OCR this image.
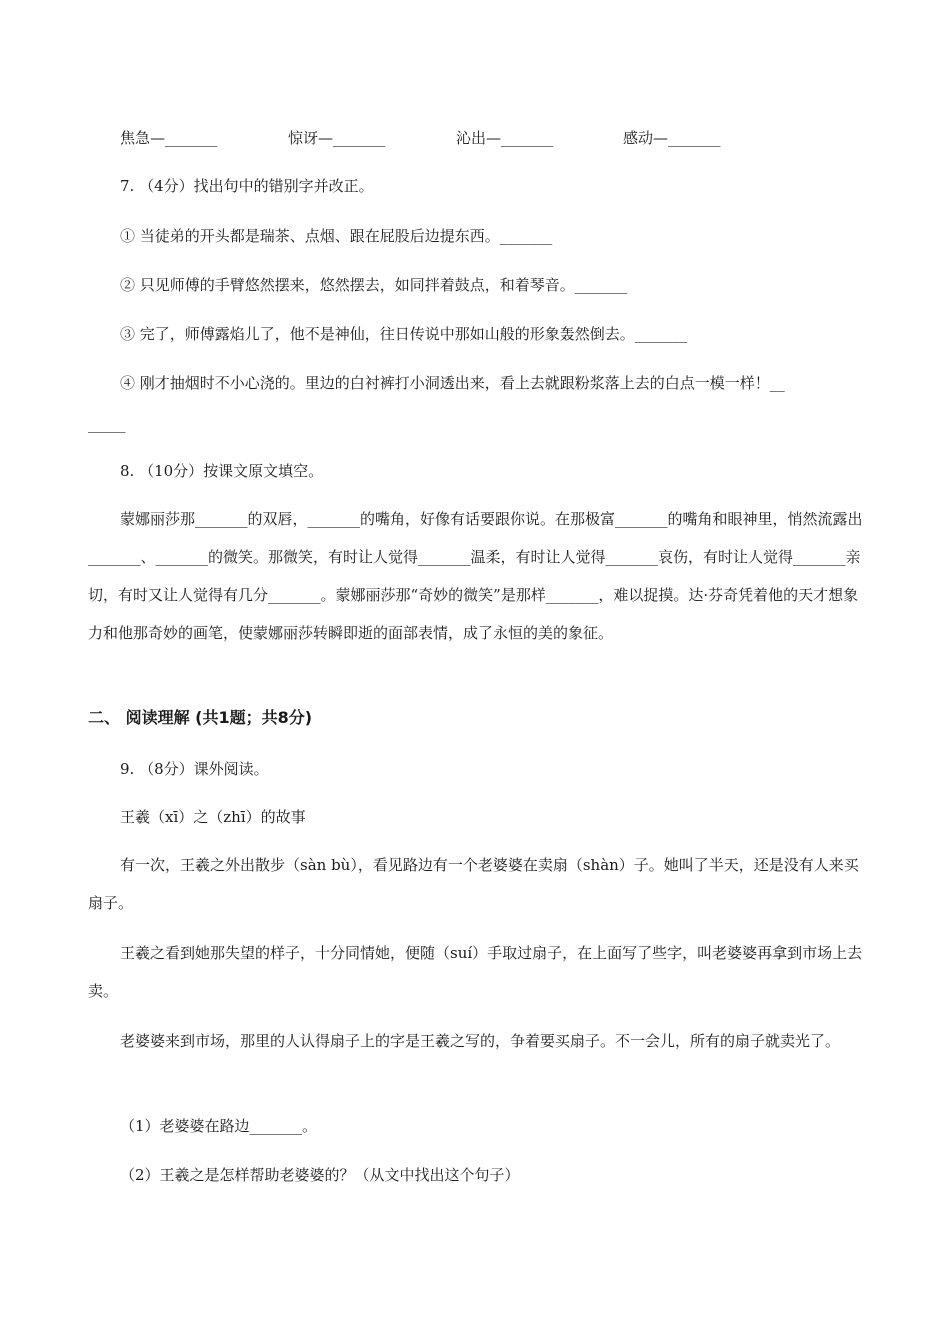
焦急—_______	惊讶—_______	沁出—_______	感动—_______
7. （4分）找出句中的错别字并改正。
① 当徒弟的开头都是瑞茶、点烟、跟在屁股后边提东西。_______
② 只见师傅的手臂悠然摆来，悠然摆去，如同拌着鼓点，和着琴音。_______
③ 完了，师傅露焰儿了，他不是神仙，往日传说中那如山般的形象轰然倒去。_______
④ 刚才抽烟时不小心浇的。里边的白衬裤打小洞透出来，看上去就跟粉浆落上去的白点一模一样！__
_____
8. （10分）按课文原文填空。
蒙娜丽莎那_______的双唇，_______的嘴角，好像有话要跟你说。在那极富_______的嘴角和眼神里，悄然流露出_______、_______的微笑。那微笑，有时让人觉得_______温柔，有时让人觉得_______哀伤，有时让人觉得_______亲切，有时又让人觉得有几分_______。蒙娜丽莎那“奇妙的微笑”是那样_______，难以捉摸。达·芬奇凭着他的天才想象力和他那奇妙的画笔，使蒙娜丽莎转瞬即逝的面部表情，成了永恒的美的象征。
二、 阅读理解 (共1题；共8分)
9. （8分）课外阅读。
王羲（xī）之（zhī）的故事
有一次，王羲之外出散步（sàn bù），看见路边有一个老婆婆在卖扇（shàn）子。她叫了半天，还是没有人来买扇子。
王羲之看到她那失望的样子，十分同情她，便随（suí）手取过扇子，在上面写了些字，叫老婆婆再拿到市场上去卖。
老婆婆来到市场，那里的人认得扇子上的字是王羲之写的，争着要买扇子。不一会儿，所有的扇子就卖光了。
（1）老婆婆在路边_______。
（2）王羲之是怎样帮助老婆婆的？（从文中找出这个句子）
